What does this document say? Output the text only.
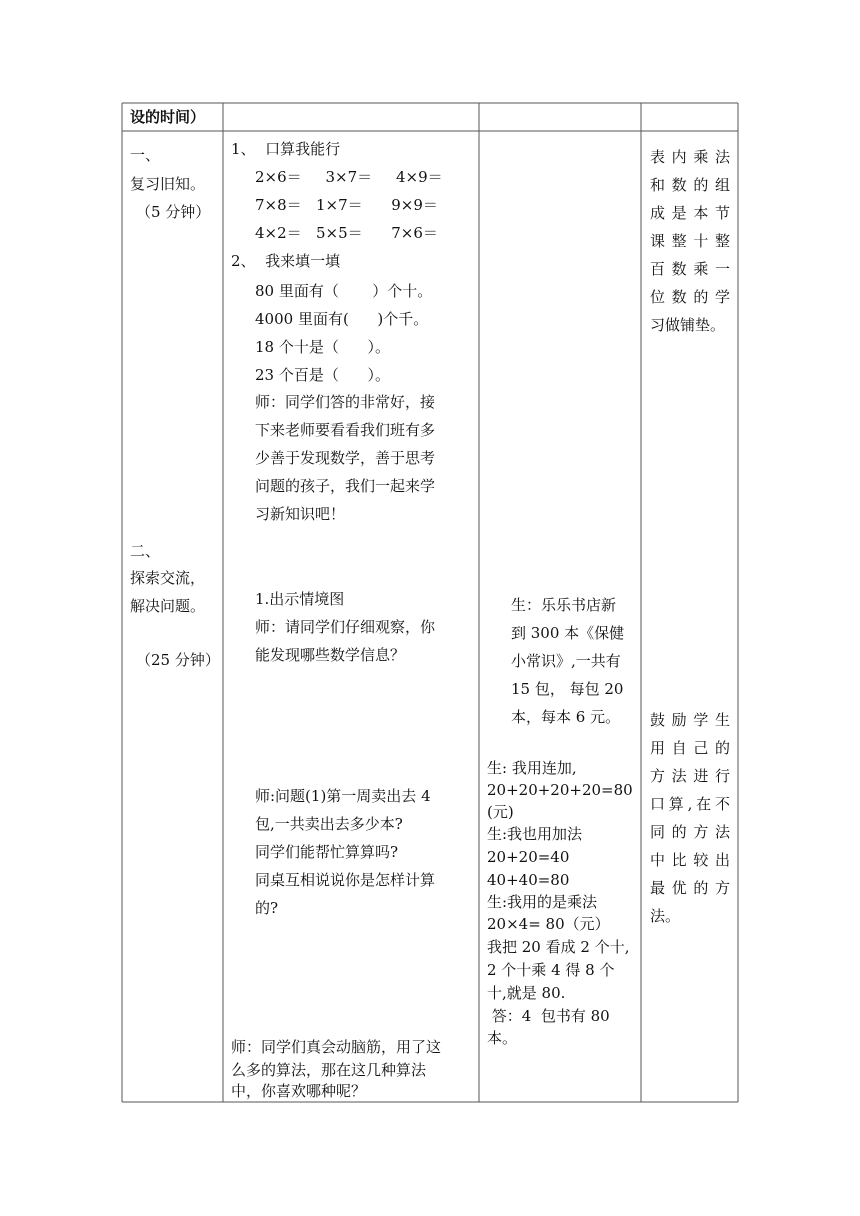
设的时间）
一、
复习旧知。
（5 分钟）
二、
探索交流，
解决问题。
（25 分钟）
1、  口算我能行
2×6＝     3×7＝     4×9＝
7×8＝   1×7＝      9×9＝
4×2＝   5×5＝      7×6＝
2、  我来填一填
80 里面有（       ）个十。
4000 里面有(      )个千。
18 个十是（      ）。
23 个百是（      ）。
师：同学们答的非常好，接
下来老师要看看我们班有多
少善于发现数学，善于思考
问题的孩子，我们一起来学
习新知识吧！
1.出示情境图
师：请同学们仔细观察，你
能发现哪些数学信息？
师:问题(1)第一周卖出去 4
包,一共卖出去多少本?
同学们能帮忙算算吗?
同桌互相说说你是怎样计算
的?
师：同学们真会动脑筋，用了这
么多的算法，那在这几种算法
中，你喜欢哪种呢？
生：乐乐书店新
到 300 本《保健
小常识》,一共有
15 包， 每包 20
本，每本 6 元。
生: 我用连加,
20+20+20+20=80
(元)
生:我也用加法
20+20=40
40+40=80
生:我用的是乘法
20×4= 80（元）
我把 20 看成 2 个十,
2 个十乘 4 得 8 个
十,就是 80.
答：4  包书有 80
本。
表内乘法
和数的组
成是本节
课整十整
百数乘一
位数的学
习做铺垫。
鼓励学生
用自己的
方法进行
口算,在不
同的方法
中比较出
最优的方
法。
